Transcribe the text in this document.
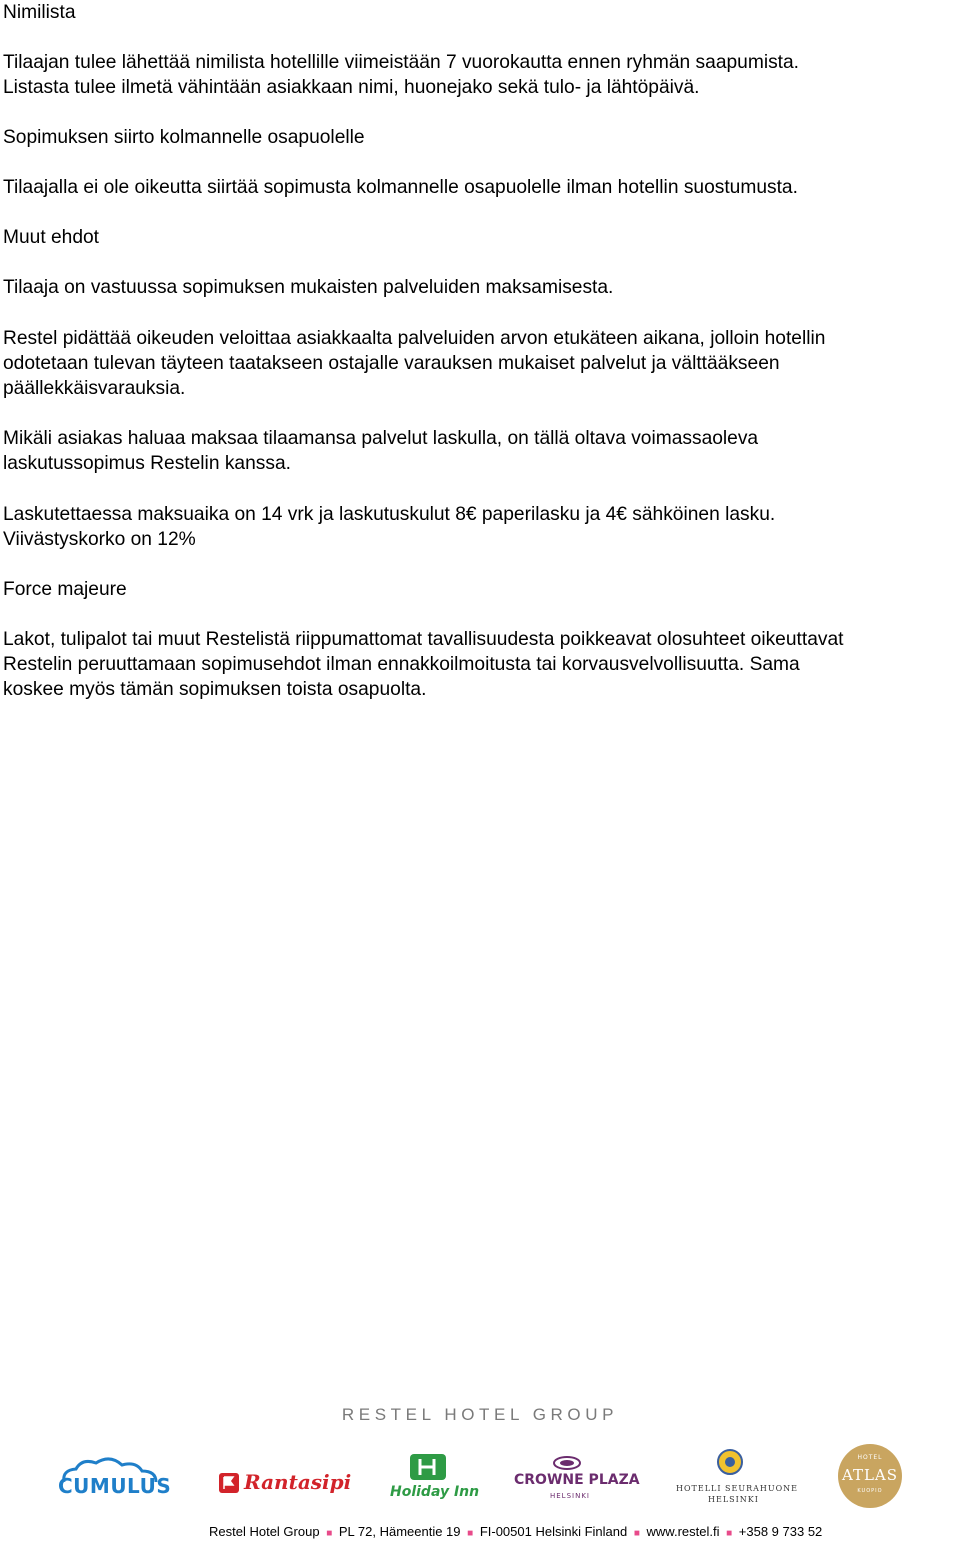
Nimilista

Tilaajan tulee lähettää nimilista hotellille viimeistään 7 vuorokautta ennen ryhmän saapumista.
Listasta tulee ilmetä vähintään asiakkaan nimi, huonejako sekä tulo- ja lähtöpäivä.

Sopimuksen siirto kolmannelle osapuolelle

Tilaajalla ei ole oikeutta siirtää sopimusta kolmannelle osapuolelle ilman hotellin suostumusta.

Muut ehdot

Tilaaja on vastuussa sopimuksen mukaisten palveluiden maksamisesta.

Restel pidättää oikeuden veloittaa asiakkaalta palveluiden arvon etukäteen aikana, jolloin hotellin
odotetaan tulevan täyteen taatakseen ostajalle varauksen mukaiset palvelut ja välttääkseen
päällekkäisvarauksia.

Mikäli asiakas haluaa maksaa tilaamansa palvelut laskulla, on tällä oltava voimassaoleva
laskutussopimus Restelin kanssa.

Laskutettaessa maksuaika on 14 vrk ja laskutuskulut 8€ paperilasku ja 4€ sähköinen lasku.
Viivästyskorko on 12%

Force majeure

Lakot, tulipalot tai muut Restelistä riippumattomat tavallisuudesta poikkeavat olosuhteet oikeuttavat
Restelin peruuttamaan sopimusehdot ilman ennakkoilmoitusta tai korvausvelvollisuutta. Sama
koskee myös tämän sopimuksen toista osapuolta.

RESTEL HOTEL GROUP
CUMULUS	Rantasipi	Holiday Inn
CROWNE PLAZA
HELSINKI
HOTELLI SEURAHUONE
HELSINKI
HOTEL
ATLAS
KUOPIO
Restel Hotel Group ■ PL 72, Hämeentie 19 ■ FI-00501 Helsinki Finland ■ www.restel.fi ■ +358 9 733 52
